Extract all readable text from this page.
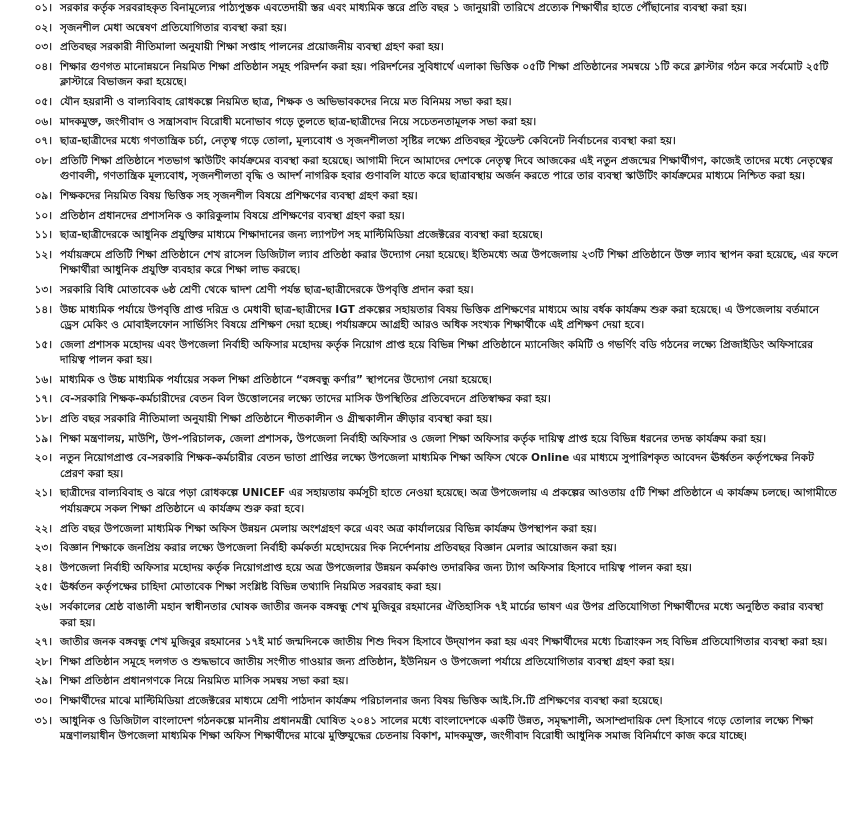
০১। সরকার কর্তৃক সরবরাহকৃত বিনামূল্যের পাঠ্যপুস্তক এবতেদায়ী স্তর এবং মাধ্যমিক স্তরে প্রতি বছর ১ জানুয়ারী তারিখে প্রত্যেক শিক্ষার্থীর হাতে পৌঁছানোর ব্যবস্থা করা হয়।
০২। সৃজনশীল মেধা অন্বেষণ প্রতিযোগিতার ব্যবস্থা করা হয়।
০৩। প্রতিবছর সরকারী নীতিমালা অনুযায়ী শিক্ষা সপ্তাহ পালনের প্রয়োজনীয় ব্যবস্থা গ্রহণ করা হয়।
০৪। শিক্ষার গুণগত মানোন্নয়নে নিয়মিত শিক্ষা প্রতিষ্ঠান সমূহ পরিদর্শন করা হয়। পরিদর্শনের সুবিধার্থে এলাকা ভিত্তিক ০৫টি শিক্ষা প্রতিষ্ঠানের সমন্বয়ে ১টি করে ক্লাস্টার গঠন করে সর্বমোট ২৫টি ক্লাস্টারে বিভাজন করা হয়েছে।
০৫। যৌন হয়রানী ও বাল্যবিবাহ রোধকল্পে নিয়মিত ছাত্র, শিক্ষক ও অভিভাবকদের নিয়ে মত বিনিময় সভা করা হয়।
০৬। মাদকমুক্ত, জংগীবাদ ও সন্ত্রাসবাদ বিরোধী মনোভাব গড়ে তুলতে ছাত্র-ছাত্রীদের নিয়ে সচেতনতামূলক সভা করা হয়।
০৭। ছাত্র-ছাত্রীদের মধ্যে গণতান্ত্রিক চর্চা, নেতৃত্ব গড়ে তোলা, মূল্যবোধ ও সৃজনশীলতা সৃষ্টির লক্ষ্যে প্রতিবছর স্টুডেন্ট কেবিনেট নির্বাচনের ব্যবস্থা করা হয়।
০৮। প্রতিটি শিক্ষা প্রতিষ্ঠানে শতভাগ স্কাউটিং কার্যক্রমের ব্যবস্থা করা হয়েছে। আগামী দিনে আমাদের দেশকে নেতৃত্ব দিবে আজকের এই নতুন প্রজন্মের শিক্ষার্থীগণ, কাজেই তাদের মধ্যে নেতৃত্বের গুণাবলী, গণতান্ত্রিক মূল্যবোধ, সৃজনশীলতা বৃদ্ধি ও আদর্শ নাগরিক হবার গুণাবলি যাতে করে ছাত্রাবস্থায় অর্জন করতে পারে তার ব্যবস্থা স্কাউটিং কার্যক্রমের মাধ্যমে নিশ্চিত করা হয়।
০৯। শিক্ষকদের নিয়মিত বিষয় ভিত্তিক সহ সৃজনশীল বিষয়ে প্রশিক্ষণের ব্যবস্থা গ্রহণ করা হয়।
১০। প্রতিষ্ঠান প্রধানদের প্রশাসনিক ও কারিকুলাম বিষয়ে প্রশিক্ষণের ব্যবস্থা গ্রহণ করা হয়।
১১। ছাত্র-ছাত্রীদেরকে আধুনিক প্রযুক্তির মাধ্যমে শিক্ষাদানের জন্য ল্যাপটপ সহ মাল্টিমিডিয়া প্রজেক্টরের ব্যবস্থা করা হয়েছে।
১২। পর্যায়ক্রমে প্রতিটি শিক্ষা প্রতিষ্ঠানে শেখ রাসেল ডিজিটাল ল্যাব প্রতিষ্ঠা করার উদ্যোগ নেয়া হয়েছে। ইতিমধ্যে অত্র উপজেলায় ২৩টি শিক্ষা প্রতিষ্ঠানে উক্ত ল্যাব স্থাপন করা হয়েছে, এর ফলে শিক্ষার্থীরা আধুনিক প্রযুক্তি ব্যবহার করে শিক্ষা লাভ করছে।
১৩। সরকারি বিধি মোতাবেক ৬ষ্ঠ শ্রেণী থেকে দ্বাদশ শ্রেণী পর্যন্ত ছাত্র-ছাত্রীদেরকে উপবৃত্তি প্রদান করা হয়।
১৪। উচ্চ মাধ্যমিক পর্যায়ে উপবৃত্তি প্রাপ্ত দরিদ্র ও মেধাবী ছাত্র-ছাত্রীদের IGT প্রকল্পের সহায়তার বিষয় ভিত্তিক প্রশিক্ষণের মাধ্যমে আয় বর্ধক কার্যক্রম শুরু করা হয়েছে। এ উপজেলায় বর্তমানে ড্রেস মেকিং ও মোবাইলফোন সার্ভিসিং বিষয়ে প্রশিক্ষণ দেয়া হচ্ছে। পর্যায়ক্রমে আগ্রহী আরও অধিক সংখ্যক শিক্ষার্থীকে এই প্রশিক্ষণ দেয়া হবে।
১৫। জেলা প্রশাসক মহোদয় এবং উপজেলা নির্বাহী অফিসার মহোদয় কর্তৃক নিয়োগ প্রাপ্ত হয়ে বিভিন্ন শিক্ষা প্রতিষ্ঠানে ম্যানেজিং কমিটি ও গভর্ণিং বডি গঠনের লক্ষ্যে প্রিজাইডিং অফিসারের দায়িত্ব পালন করা হয়।
১৬। মাধ্যমিক ও উচ্চ মাধ্যমিক পর্যায়ের সকল শিক্ষা প্রতিষ্ঠানে “বঙ্গবন্ধু কর্ণার” স্থাপনের উদ্যোগ নেয়া হয়েছে।
১৭। বে-সরকারি শিক্ষক-কর্মচারীদের বেতন বিল উত্তোলনের লক্ষ্যে তাদের মাসিক উপস্থিতির প্রতিবেদনে প্রতিস্বাক্ষর করা হয়।
১৮। প্রতি বছর সরকারি নীতিমালা অনুযায়ী শিক্ষা প্রতিষ্ঠানে শীতকালীন ও গ্রীষ্মকালীন ক্রীড়ার ব্যবস্থা করা হয়।
১৯। শিক্ষা মন্ত্রণালয়, মাউশি, উপ-পরিচালক, জেলা প্রশাসক, উপজেলা নির্বাহী অফিসার ও জেলা শিক্ষা অফিসার কর্তৃক দায়িত্ব প্রাপ্ত হয়ে বিভিন্ন ধরনের তদন্ত কার্যক্রম করা হয়।
২০। নতুন নিয়োগপ্রাপ্ত বে-সরকারি শিক্ষক-কর্মচারীর বেতন ভাতা প্রাপ্তির লক্ষ্যে উপজেলা মাধ্যমিক শিক্ষা অফিস থেকে Online এর মাধ্যমে সুপারিশকৃত আবেদন ঊর্ধ্বতন কর্তৃপক্ষের নিকট প্রেরণ করা হয়।
২১। ছাত্রীদের বাল্যবিবাহ ও ঝরে পড়া রোধকল্পে UNICEF এর সহায়তায় কর্মসূচী হাতে নেওয়া হয়েছে। অত্র উপজেলায় এ প্রকল্পের আওতায় ৫টি শিক্ষা প্রতিষ্ঠানে এ কার্যক্রম চলছে। আগামীতে পর্যায়ক্রমে সকল শিক্ষা প্রতিষ্ঠানে এ কার্যক্রম শুরু করা হবে।
২২। প্রতি বছর উপজেলা মাধ্যমিক শিক্ষা অফিস উন্নয়ন মেলায় অংশগ্রহণ করে এবং অত্র কার্যালয়ের বিভিন্ন কার্যক্রম উপস্থাপন করা হয়।
২৩। বিজ্ঞান শিক্ষাকে জনপ্রিয় করার লক্ষ্যে উপজেলা নির্বাহী কর্মকর্তা মহোদয়ের দিক নির্দেশনায় প্রতিবছর বিজ্ঞান মেলার আয়োজন করা হয়।
২৪। উপজেলা নির্বাহী অফিসার মহোদয় কর্তৃক নিয়োগপ্রাপ্ত হয়ে অত্র উপজেলার উন্নয়ন কর্মকাণ্ড তদারকির জন্য ট্যাগ অফিসার হিসাবে দায়িত্ব পালন করা হয়।
২৫। ঊর্ধ্বতন কর্তৃপক্ষের চাহিদা মোতাবেক শিক্ষা সংশ্লিষ্ট বিভিন্ন তথ্যাদি নিয়মিত সরবরাহ করা হয়।
২৬। সর্বকালের শ্রেষ্ঠ বাঙালী মহান স্বাধীনতার ঘোষক জাতীর জনক বঙ্গবন্ধু শেখ মুজিবুর রহমানের ঐতিহাসিক ৭ই মার্চের ভাষণ এর উপর প্রতিযোগিতা শিক্ষার্থীদের মধ্যে অনুষ্ঠিত করার ব্যবস্থা করা হয়।
২৭। জাতীর জনক বঙ্গবন্ধু শেখ মুজিবুর রহমানের ১৭ই মার্চ জন্মদিনকে জাতীয় শিশু দিবস হিসাবে উদ্‌যাপন করা হয় এবং শিক্ষার্থীদের মধ্যে চিত্রাংকন সহ বিভিন্ন প্রতিযোগিতার ব্যবস্থা করা হয়।
২৮। শিক্ষা প্রতিষ্ঠান সমূহে দলগত ও শুদ্ধভাবে জাতীয় সংগীত গাওয়ার জন্য প্রতিষ্ঠান, ইউনিয়ন ও উপজেলা পর্যায়ে প্রতিযোগিতার ব্যবস্থা গ্রহণ করা হয়।
২৯। শিক্ষা প্রতিষ্ঠান প্রধানগণকে নিয়ে নিয়মিত মাসিক সমন্বয় সভা করা হয়।
৩০। শিক্ষার্থীদের মাঝে মাল্টিমিডিয়া প্রজেক্টরের মাধ্যমে শ্রেণী পাঠদান কার্যক্রম পরিচালনার জন্য বিষয় ভিত্তিক আই.সি.টি প্রশিক্ষণের ব্যবস্থা করা হয়েছে।
৩১। আধুনিক ও ডিজিটাল বাংলাদেশ গঠনকল্পে মাননীয় প্রধানমন্ত্রী ঘোষিত ২০৪১ সালের মধ্যে বাংলাদেশকে একটি উন্নত, সমৃদ্ধশালী, অসাম্প্রদায়িক দেশ হিসাবে গড়ে তোলার লক্ষ্যে শিক্ষা মন্ত্রণালয়াধীন উপজেলা মাধ্যমিক শিক্ষা অফিস শিক্ষার্থীদের মাঝে মুক্তিযুদ্ধের চেতনায় বিকাশ, মাদকমুক্ত, জংগীবাদ বিরোধী আধুনিক সমাজ বিনির্মাণে কাজ করে যাচ্ছে।
